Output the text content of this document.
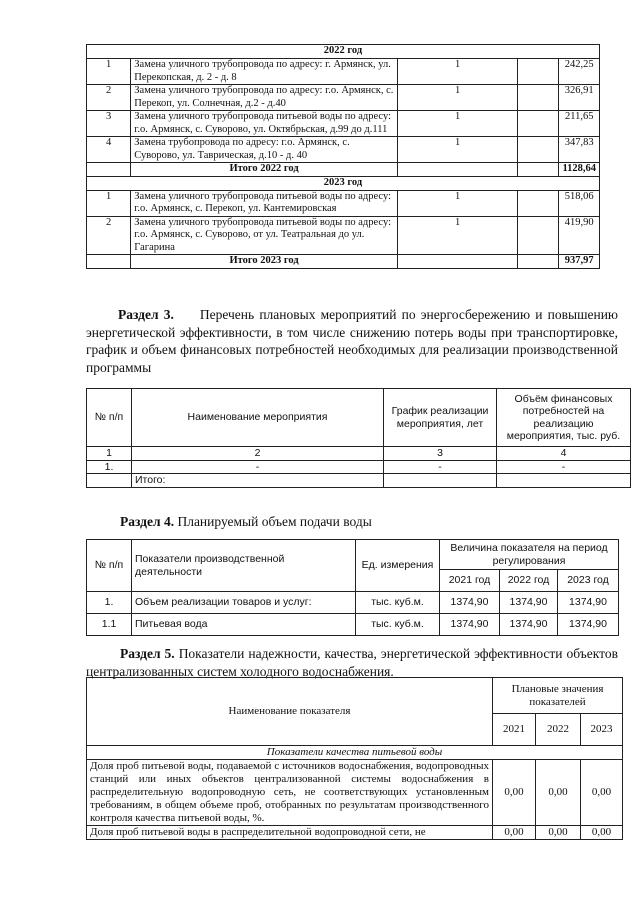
2022 год				
1	Замена уличного трубопровода по адресу: г. Армянск, ул. Перекопская, д. 2 - д. 8	1		242,25
2	Замена уличного трубопровода по адресу: г.о. Армянск, с. Перекоп, ул. Солнечная, д.2 - д.40	1		326,91
3	Замена уличного трубопровода питьевой воды по адресу: г.о. Армянск, с. Суворово, ул. Октябрьская, д.99 до д.111	1		211,65
4	Замена трубопровода по адресу: г.о. Армянск, с. Суворово, ул. Таврическая, д.10 - д. 40	1		347,83
	Итого 2022 год			1128,64
2023 год				
1	Замена уличного трубопровода питьевой воды по адресу: г.о. Армянск, с. Перекоп, ул. Кантемировская	1		518,06
2	Замена уличного трубопровода питьевой воды по адресу: г.о. Армянск, с. Суворово, от ул. Театральная до ул. Гагарина	1		419,90
	Итого 2023 год			937,97
Раздел 3. Перечень плановых мероприятий по энергосбережению и повышению энергетической эффективности, в том числе снижению потерь воды при транспортировке, график и объем финансовых потребностей необходимых для реализации производственной программы
№ п/п	Наименование мероприятия	График реализации мероприятия, лет	Объём финансовых потребностей на реализацию мероприятия, тыс. руб.
1	2	3	4
1.	-	-	-
	Итого:		
Раздел 4. Планируемый объем подачи воды
№ п/п	Показатели производственной деятельности	Ед. измерения	Величина показателя на период регулирования		
			2021 год	2022 год	2023 год
1.	Объем реализации товаров и услуг:	тыс. куб.м.	1374,90	1374,90	1374,90
1.1	Питьевая вода	тыс. куб.м.	1374,90	1374,90	1374,90
Раздел 5. Показатели надежности, качества, энергетической эффективности объектов централизованных систем холодного водоснабжения.
Наименование показателя	Плановые значения показателей		
	2021	2022	2023
Показатели качества питьевой воды			
Доля проб питьевой воды, подаваемой с источников водоснабжения, водопроводных станций или иных объектов централизованной системы водоснабжения в распределительную водопроводную сеть, не соответствующих установленным требованиям, в общем объеме проб, отобранных по результатам производственного контроля качества питьевой воды, %.	0,00	0,00	0,00
Доля проб питьевой воды в распределительной водопроводной сети, не	0,00	0,00	0,00
